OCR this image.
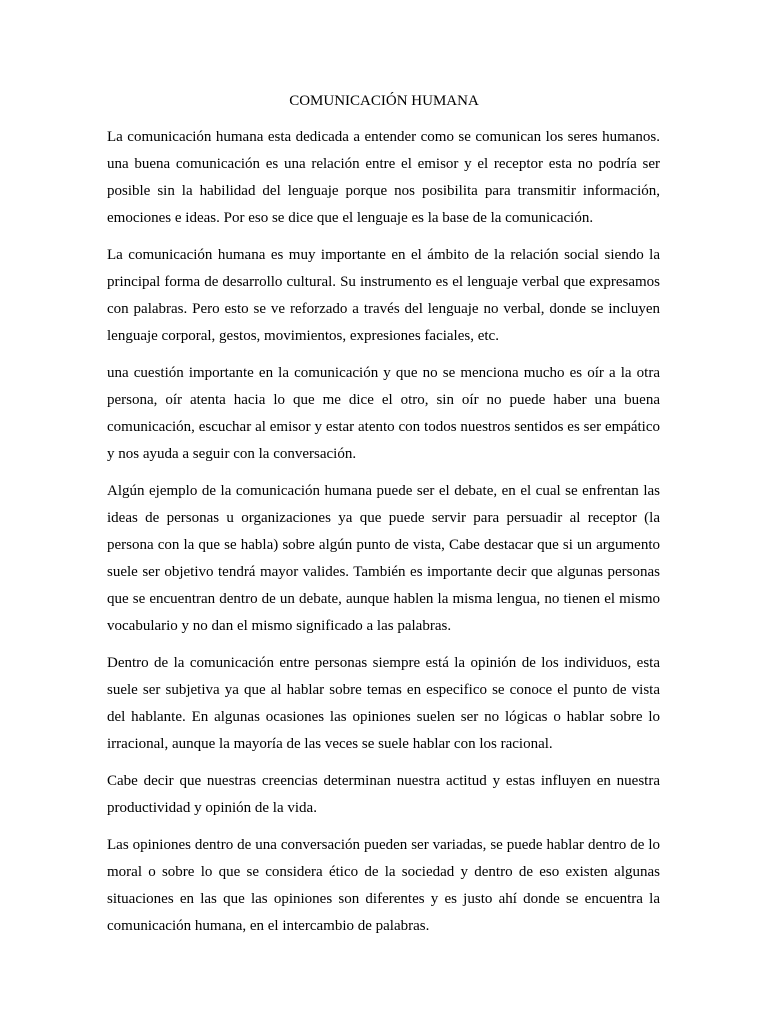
COMUNICACIÓN HUMANA

La comunicación humana esta dedicada a entender como se comunican los seres humanos. una buena comunicación es una relación entre el emisor y el receptor esta no podría ser posible sin la habilidad del lenguaje porque nos posibilita para transmitir información, emociones e ideas. Por eso se dice que el lenguaje es la base de la comunicación.

La comunicación humana es muy importante en el ámbito de la relación social siendo la principal forma de desarrollo cultural. Su instrumento es el lenguaje verbal que expresamos con palabras. Pero esto se ve reforzado a través del lenguaje no verbal, donde se incluyen lenguaje corporal, gestos, movimientos, expresiones faciales, etc.

una cuestión importante en la comunicación y que no se menciona mucho es oír a la otra persona, oír atenta hacia lo que me dice el otro, sin oír no puede haber una buena comunicación, escuchar al emisor y estar atento con todos nuestros sentidos es ser empático y nos ayuda a seguir con la conversación.

Algún ejemplo de la comunicación humana puede ser el debate, en el cual se enfrentan las ideas de personas u organizaciones ya que puede servir para persuadir al receptor (la persona con la que se habla) sobre algún punto de vista, Cabe destacar que si un argumento suele ser objetivo tendrá mayor valides. También es importante decir que algunas personas que se encuentran dentro de un debate, aunque hablen la misma lengua, no tienen el mismo vocabulario y no dan el mismo significado a las palabras.

Dentro de la comunicación entre personas siempre está la opinión de los individuos, esta suele ser subjetiva ya que al hablar sobre temas en especifico se conoce el punto de vista del hablante. En algunas ocasiones las opiniones suelen ser no lógicas o hablar sobre lo irracional, aunque la mayoría de las veces se suele hablar con los racional.

Cabe decir que nuestras creencias determinan nuestra actitud y estas influyen en nuestra productividad y opinión de la vida.

Las opiniones dentro de una conversación pueden ser variadas, se puede hablar dentro de lo moral o sobre lo que se considera ético de la sociedad y dentro de eso existen algunas situaciones en las que las opiniones son diferentes y es justo ahí donde se encuentra la comunicación humana, en el intercambio de palabras.
